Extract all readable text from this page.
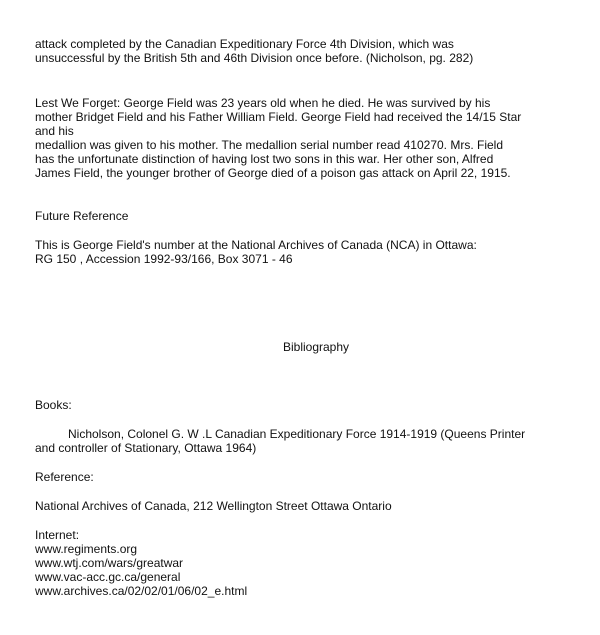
attack completed by the Canadian Expeditionary Force 4th Division, which was
unsuccessful by the British 5th and 46th Division once before. (Nicholson, pg. 282)
Lest We Forget: George Field was 23 years old when he died. He was survived by his
mother Bridget Field and his Father William Field. George Field had received the 14/15 Star
and his
medallion was given to his mother. The medallion serial number read 410270. Mrs. Field
has the unfortunate distinction of having lost two sons in this war. Her other son, Alfred
James Field, the younger brother of George died of a poison gas attack on April 22, 1915.
Future Reference
This is George Field's number at the National Archives of Canada (NCA) in Ottawa:
RG 150 , Accession 1992-93/166, Box 3071 - 46
Bibliography
Books:
Nicholson, Colonel G. W .L Canadian Expeditionary Force 1914-1919 (Queens Printer
and controller of Stationary, Ottawa 1964)
Reference:
National Archives of Canada, 212 Wellington Street Ottawa Ontario
Internet:
www.regiments.org
www.wtj.com/wars/greatwar
www.vac-acc.gc.ca/general
www.archives.ca/02/02/01/06/02_e.html
